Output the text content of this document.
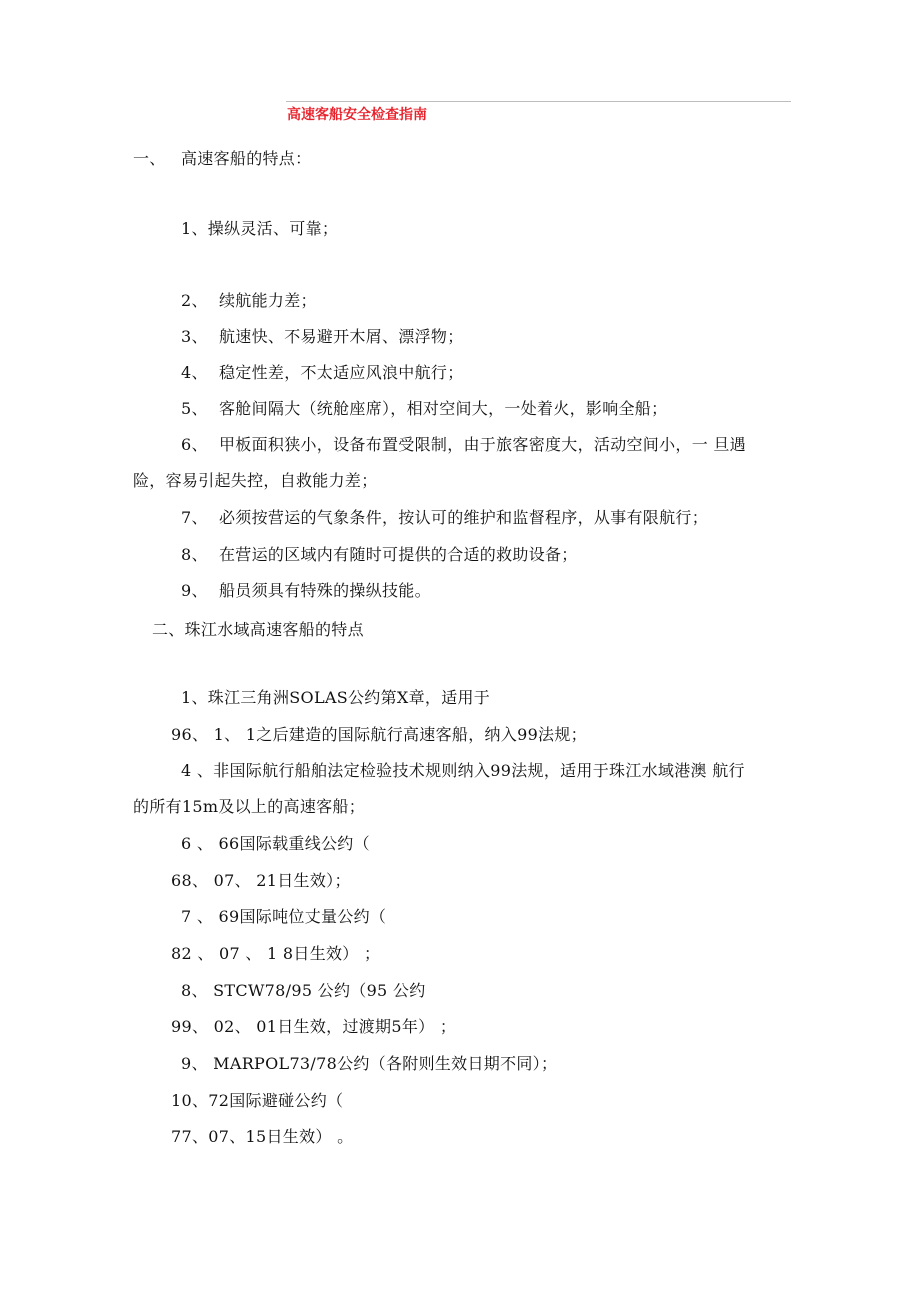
高速客船安全检查指南
一、 高速客船的特点：
1、操纵灵活、可靠；
2、 续航能力差；
3、 航速快、不易避开木屑、漂浮物；
4、 稳定性差，不太适应风浪中航行；
5、 客舱间隔大（统舱座席），相对空间大，一处着火，影响全船；
6、 甲板面积狭小，设备布置受限制，由于旅客密度大，活动空间小，一 旦遇
险，容易引起失控，自救能力差；
7、 必须按营运的气象条件，按认可的维护和监督程序，从事有限航行；
8、 在营运的区域内有随时可提供的合适的救助设备；
9、 船员须具有特殊的操纵技能。
二、珠江水域高速客船的特点
1、珠江三角洲SOLAS公约第X章，适用于
96、 1、 1之后建造的国际航行高速客船，纳入99法规；
4 、非国际航行船舶法定检验技术规则纳入99法规，适用于珠江水域港澳 航行
的所有15m及以上的高速客船；
6 、 66国际载重线公约（
68、 07、 21日生效）；
7 、 69国际吨位丈量公约（
82 、 07 、 1 8日生效） ；
8、 STCW78/95 公约（95 公约
99、 02、 01日生效，过渡期5年） ；
9、 MARPOL73/78公约（各附则生效日期不同）；
10、72国际避碰公约（
77、07、15日生效） 。
